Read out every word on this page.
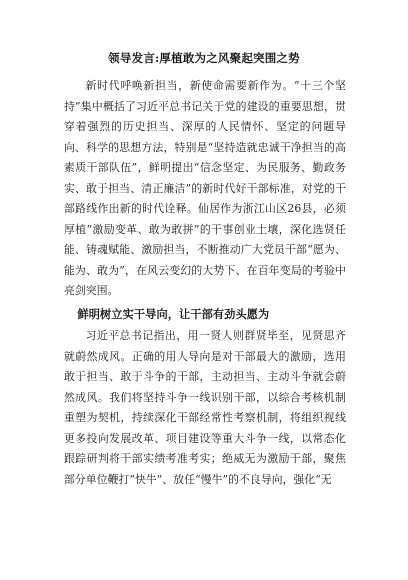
领导发言:厚植敢为之风聚起突围之势

新时代呼唤新担当，新使命需要新作为。“十三个坚持”集中概括了习近平总书记关于党的建设的重要思想，贯穿着强烈的历史担当、深厚的人民情怀、坚定的问题导向、科学的思想方法，特别是“坚持造就忠诚干净担当的高素质干部队伍”，鲜明提出“信念坚定、为民服务、勤政务实、敢于担当、清正廉洁”的新时代好干部标准，对党的干部路线作出新的时代诠释。仙居作为浙江山区26县，必须厚植“激励变革、敢为敢拼”的干事创业土壤，深化选贤任能、铸魂赋能、激励担当，不断推动广大党员干部“愿为、能为、敢为”，在风云变幻的大势下、在百年变局的考验中亮剑突围。

鲜明树立实干导向，让干部有劲头愿为

习近平总书记指出，用一贤人则群贤毕至，见贤思齐就蔚然成风。正确的用人导向是对干部最大的激励，选用敢于担当、敢于斗争的干部，主动担当、主动斗争就会蔚然成风。我们将坚持斗争一线识别干部，以综合考核机制重塑为契机，持续深化干部经常性考察机制，将组织视线更多投向发展改革、项目建设等重大斗争一线，以常态化跟踪研判将干部实绩考准考实；绝威无为激励干部，聚焦部分单位鞭打“快牛”、放任“慢牛”的不良导向，强化“无
